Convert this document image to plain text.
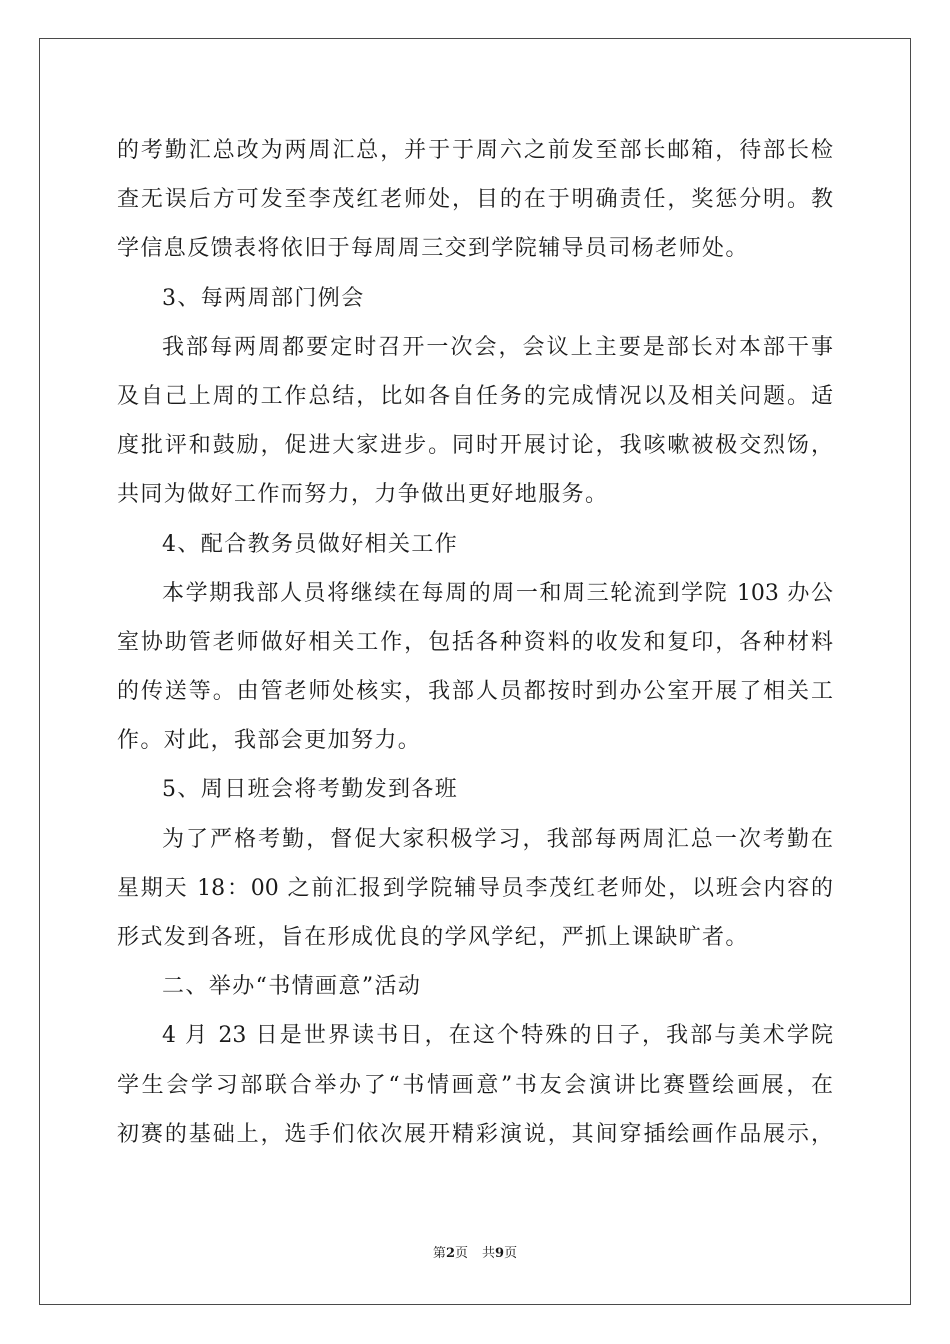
的考勤汇总改为两周汇总，并于于周六之前发至部长邮箱，待部长检
查无误后方可发至李茂红老师处，目的在于明确责任，奖惩分明。教
学信息反馈表将依旧于每周周三交到学院辅导员司杨老师处。
3、每两周部门例会
我部每两周都要定时召开一次会，会议上主要是部长对本部干事
及自己上周的工作总结，比如各自任务的完成情况以及相关问题。适
度批评和鼓励，促进大家进步。同时开展讨论，我咳嗽被极交烈饧，
共同为做好工作而努力，力争做出更好地服务。
4、配合教务员做好相关工作
本学期我部人员将继续在每周的周一和周三轮流到学院 103 办公
室协助管老师做好相关工作，包括各种资料的收发和复印，各种材料
的传送等。由管老师处核实，我部人员都按时到办公室开展了相关工
作。对此，我部会更加努力。
5、周日班会将考勤发到各班
为了严格考勤，督促大家积极学习，我部每两周汇总一次考勤在
星期天 18：00 之前汇报到学院辅导员李茂红老师处，以班会内容的
形式发到各班，旨在形成优良的学风学纪，严抓上课缺旷者。
二、举办“书情画意”活动
4 月 23 日是世界读书日，在这个特殊的日子，我部与美术学院
学生会学习部联合举办了“书情画意”书友会演讲比赛暨绘画展，在
初赛的基础上，选手们依次展开精彩演说，其间穿插绘画作品展示，
第2页 共9页
